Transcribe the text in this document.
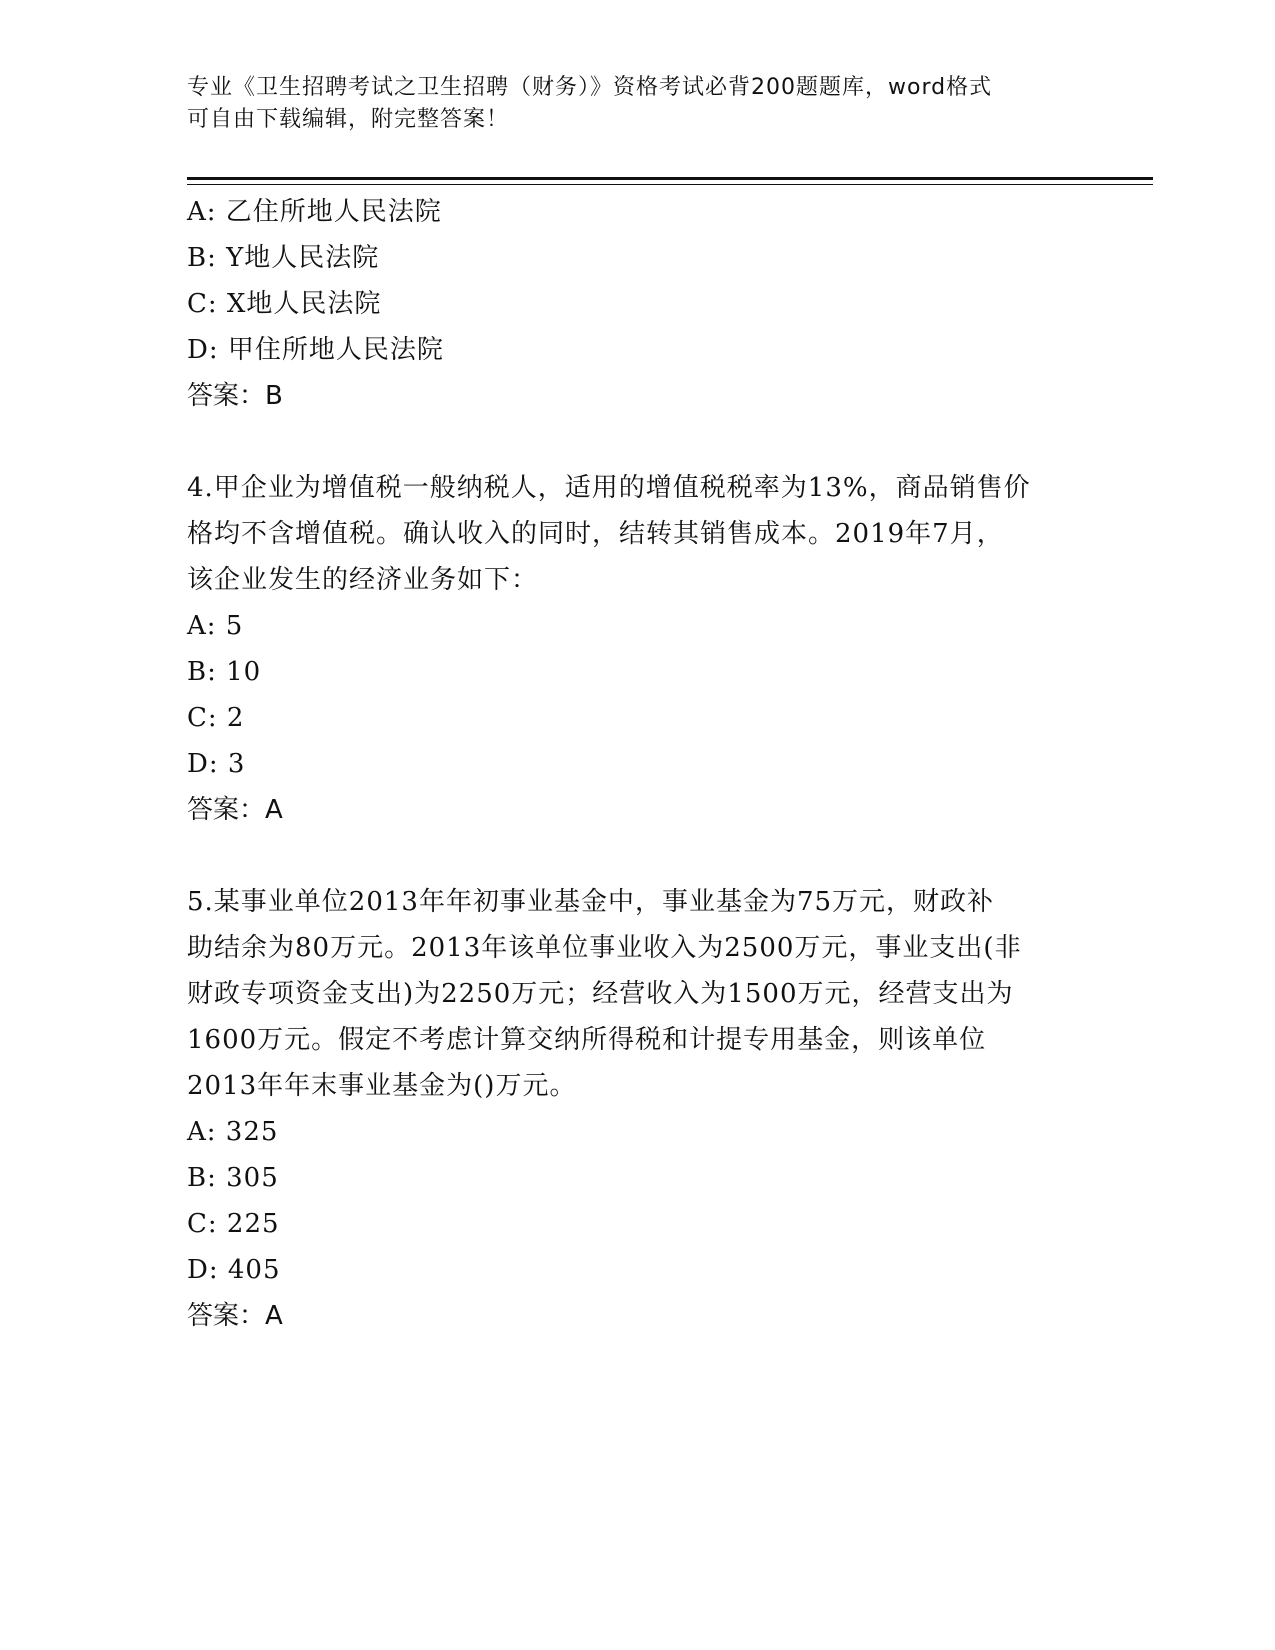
专业《卫生招聘考试之卫生招聘（财务）》资格考试必背200题题库，word格式
可自由下载编辑，附完整答案！
A: 乙住所地人民法院
B: Y地人民法院
C: X地人民法院
D: 甲住所地人民法院
答案：B
4.甲企业为增值税一般纳税人，适用的增值税税率为13%，商品销售价
格均不含增值税。确认收入的同时，结转其销售成本。2019年7月，
该企业发生的经济业务如下：
A: 5
B: 10
C: 2
D: 3
答案：A
5.某事业单位2013年年初事业基金中，事业基金为75万元，财政补
助结余为80万元。2013年该单位事业收入为2500万元，事业支出(非
财政专项资金支出)为2250万元；经营收入为1500万元，经营支出为
1600万元。假定不考虑计算交纳所得税和计提专用基金，则该单位
2013年年末事业基金为()万元。
A: 325
B: 305
C: 225
D: 405
答案：A
